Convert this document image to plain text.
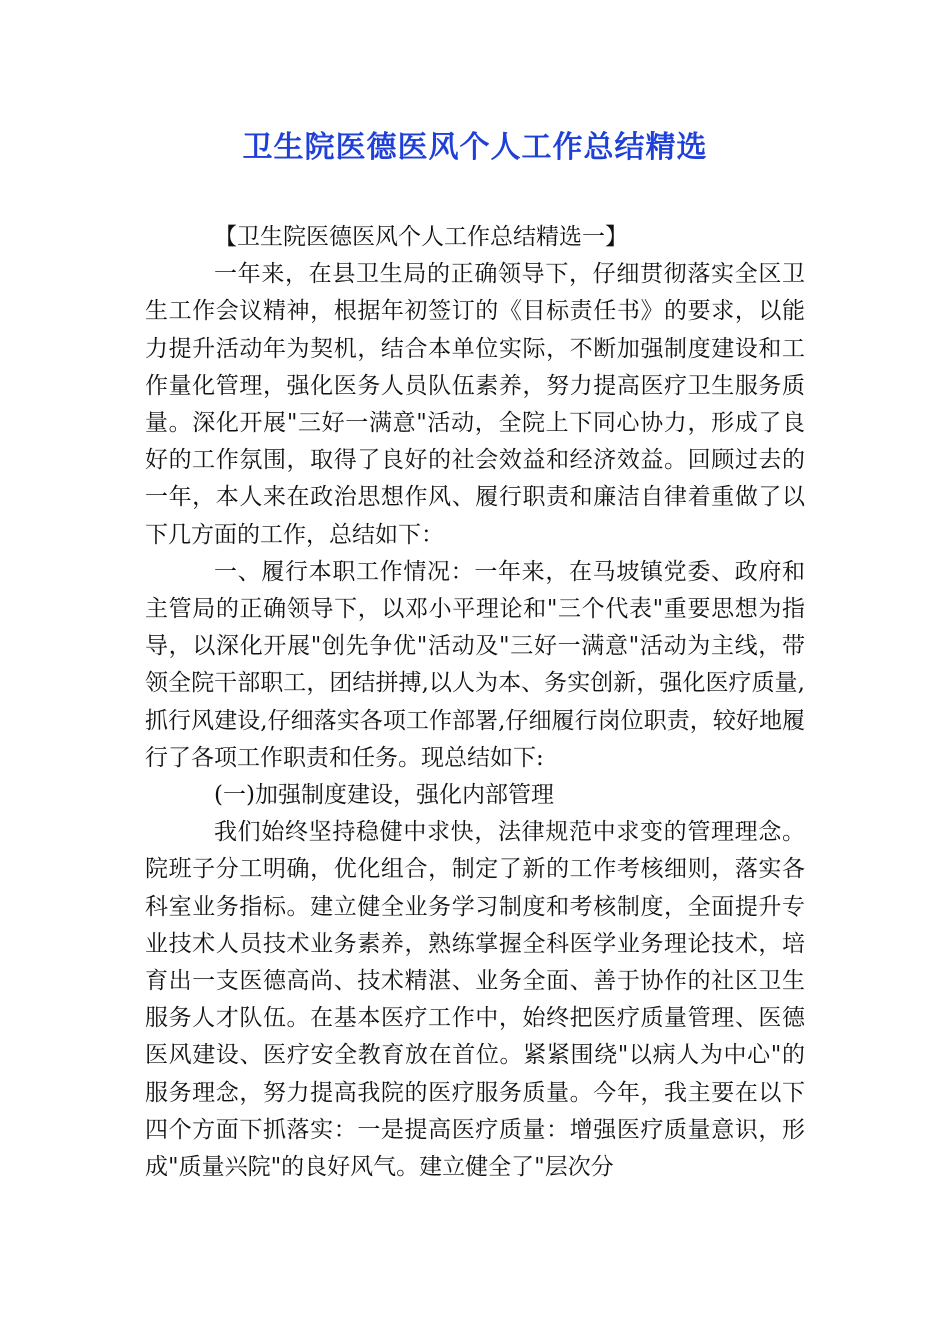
卫生院医德医风个人工作总结精选

【卫生院医德医风个人工作总结精选一】

一年来，在县卫生局的正确领导下，仔细贯彻落实全区卫生工作会议精神，根据年初签订的《目标责任书》的要求，以能力提升活动年为契机，结合本单位实际，不断加强制度建设和工作量化管理，强化医务人员队伍素养，努力提高医疗卫生服务质量。深化开展"三好一满意"活动，全院上下同心协力，形成了良好的工作氛围，取得了良好的社会效益和经济效益。回顾过去的一年，本人来在政治思想作风、履行职责和廉洁自律着重做了以下几方面的工作，总结如下：

一、履行本职工作情况：一年来，在马坡镇党委、政府和主管局的正确领导下，以邓小平理论和"三个代表"重要思想为指导，以深化开展"创先争优"活动及"三好一满意"活动为主线，带领全院干部职工，团结拼搏,以人为本、务实创新，强化医疗质量,抓行风建设,仔细落实各项工作部署,仔细履行岗位职责，较好地履行了各项工作职责和任务。现总结如下:

(一)加强制度建设，强化内部管理

我们始终坚持稳健中求快，法律规范中求变的管理理念。院班子分工明确，优化组合，制定了新的工作考核细则，落实各科室业务指标。建立健全业务学习制度和考核制度，全面提升专业技术人员技术业务素养，熟练掌握全科医学业务理论技术，培育出一支医德高尚、技术精湛、业务全面、善于协作的社区卫生服务人才队伍。在基本医疗工作中，始终把医疗质量管理、医德医风建设、医疗安全教育放在首位。紧紧围绕"以病人为中心"的服务理念，努力提高我院的医疗服务质量。今年，我主要在以下四个方面下抓落实：一是提高医疗质量：增强医疗质量意识，形成"质量兴院"的良好风气。建立健全了"层次分
